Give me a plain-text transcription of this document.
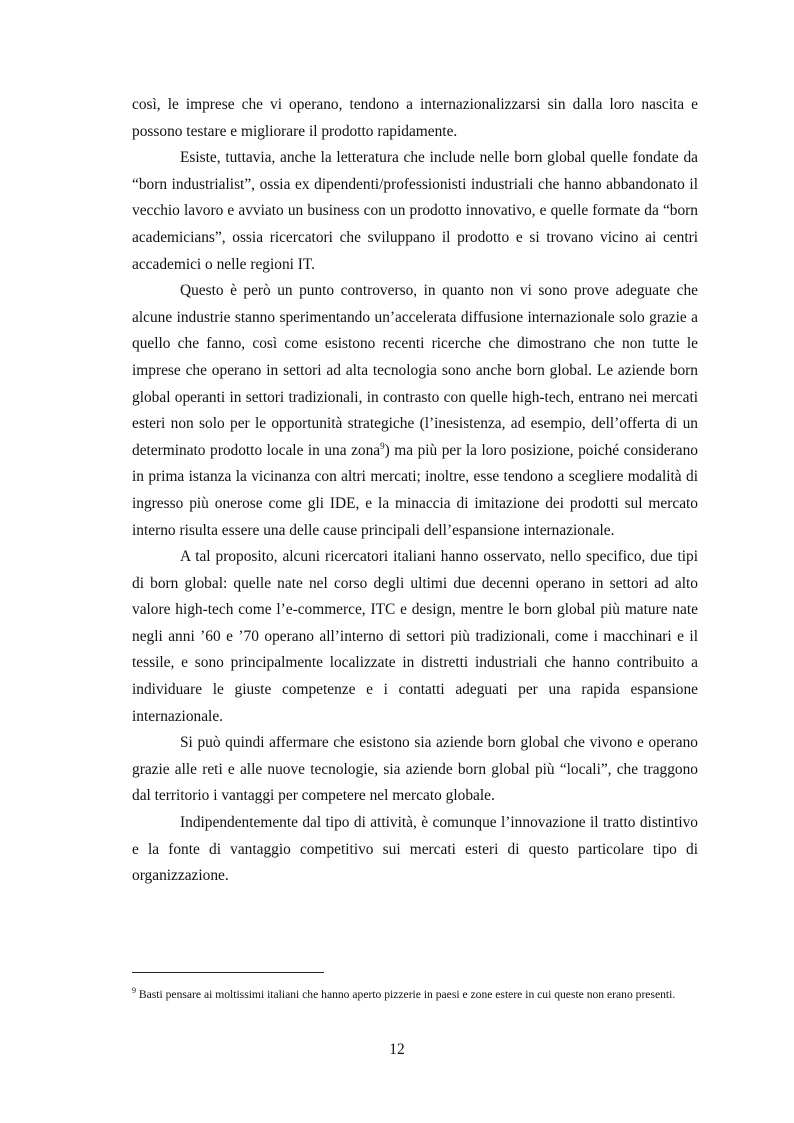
così, le imprese che vi operano, tendono a internazionalizzarsi sin dalla loro nascita e possono testare e migliorare il prodotto rapidamente.

Esiste, tuttavia, anche la letteratura che include nelle born global quelle fondate da “born industrialist”, ossia ex dipendenti/professionisti industriali che hanno abbandonato il vecchio lavoro e avviato un business con un prodotto innovativo, e quelle formate da “born academicians”, ossia ricercatori che sviluppano il prodotto e si trovano vicino ai centri accademici o nelle regioni IT.

Questo è però un punto controverso, in quanto non vi sono prove adeguate che alcune industrie stanno sperimentando un’accelerata diffusione internazionale solo grazie a quello che fanno, così come esistono recenti ricerche che dimostrano che non tutte le imprese che operano in settori ad alta tecnologia sono anche born global. Le aziende born global operanti in settori tradizionali, in contrasto con quelle high-tech, entrano nei mercati esteri non solo per le opportunità strategiche (l’inesistenza, ad esempio, dell’offerta di un determinato prodotto locale in una zona$^9$) ma più per la loro posizione, poiché considerano in prima istanza la vicinanza con altri mercati; inoltre, esse tendono a scegliere modalità di ingresso più onerose come gli IDE, e la minaccia di imitazione dei prodotti sul mercato interno risulta essere una delle cause principali dell’espansione internazionale.

A tal proposito, alcuni ricercatori italiani hanno osservato, nello specifico, due tipi di born global: quelle nate nel corso degli ultimi due decenni operano in settori ad alto valore high-tech come l’e-commerce, ITC e design, mentre le born global più mature nate negli anni ’60 e ’70 operano all’interno di settori più tradizionali, come i macchinari e il tessile, e sono principalmente localizzate in distretti industriali che hanno contribuito a individuare le giuste competenze e i contatti adeguati per una rapida espansione internazionale.

Si può quindi affermare che esistono sia aziende born global che vivono e operano grazie alle reti e alle nuove tecnologie, sia aziende born global più “locali”, che traggono dal territorio i vantaggi per competere nel mercato globale.

Indipendentemente dal tipo di attività, è comunque l’innovazione il tratto distintivo e la fonte di vantaggio competitivo sui mercati esteri di questo particolare tipo di organizzazione.

$^9$ Basti pensare ai moltissimi italiani che hanno aperto pizzerie in paesi e zone estere in cui queste non erano presenti.

12
